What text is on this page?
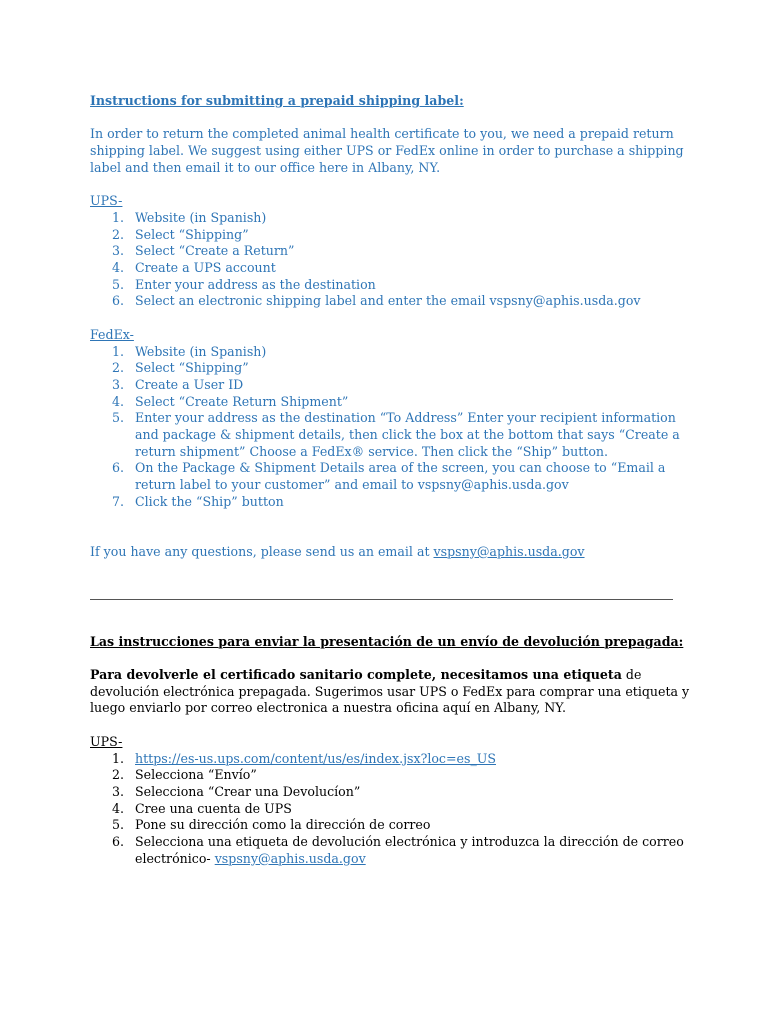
Instructions for submitting a prepaid shipping label:

In order to return the completed animal health certificate to you, we need a prepaid return shipping label. We suggest using either UPS or FedEx online in order to purchase a shipping label and then email it to our office here in Albany, NY.

UPS-

1. Website (in Spanish)
2. Select “Shipping”
3. Select “Create a Return”
4. Create a UPS account
5. Enter your address as the destination
6. Select an electronic shipping label and enter the email vspsny@aphis.usda.gov

FedEx-

1. Website (in Spanish)
2. Select “Shipping”
3. Create a User ID
4. Select “Create Return Shipment”
5. Enter your address as the destination “To Address” Enter your recipient information and package & shipment details, then click the box at the bottom that says “Create a return shipment” Choose a FedEx® service. Then click the “Ship” button.
6. On the Package & Shipment Details area of the screen, you can choose to “Email a return label to your customer” and email to vspsny@aphis.usda.gov
7. Click the “Ship” button

If you have any questions, please send us an email at vspsny@aphis.usda.gov

Las instrucciones para enviar la presentación de un envío de devolución prepagada:

Para devolverle el certificado sanitario complete, necesitamos una etiqueta de devolución electrónica prepagada. Sugerimos usar UPS o FedEx para comprar una etiqueta y luego enviarlo por correo electronica a nuestra oficina aquí en Albany, NY.

UPS-

1. https://es-us.ups.com/content/us/es/index.jsx?loc=es_US
2. Selecciona “Envío”
3. Selecciona “Crear una Devolucíon”
4. Cree una cuenta de UPS
5. Pone su dirección como la dirección de correo
6. Selecciona una etiqueta de devolución electrónica y introduzca la dirección de correo electrónico- vspsny@aphis.usda.gov
